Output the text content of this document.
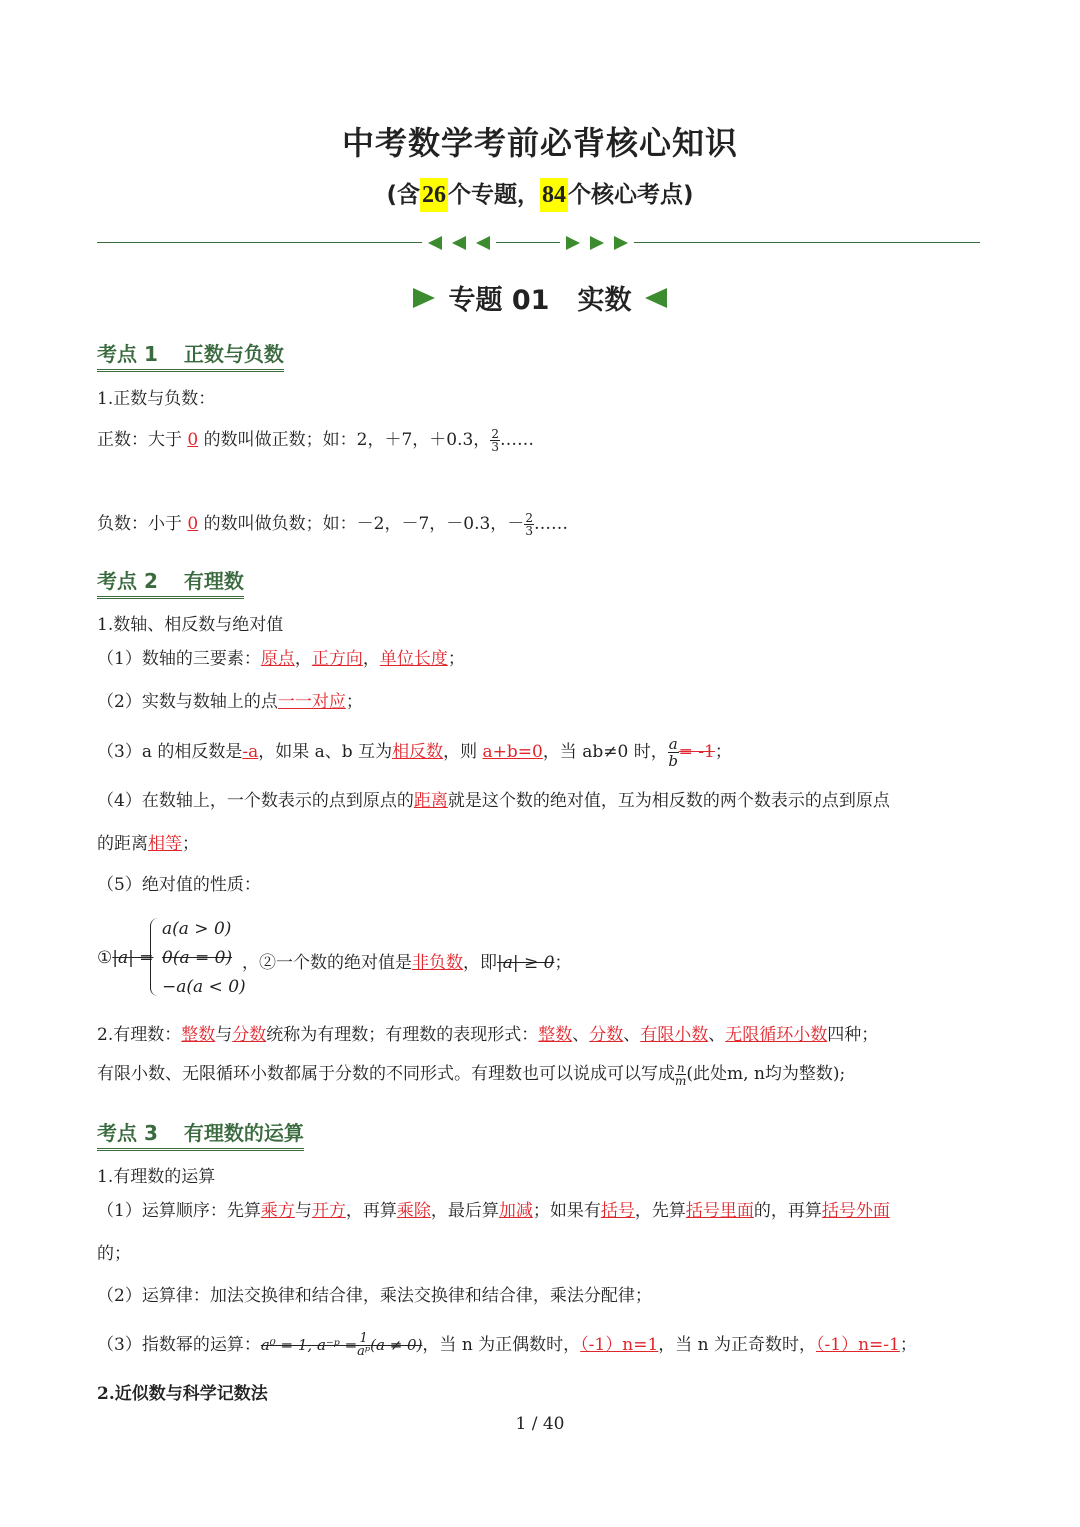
中考数学考前必背核心知识
(含26个专题，84个核心考点)
专题 01 实数
考点 1 正数与负数
1.正数与负数：
正数：大于 0 的数叫做正数；如：2，＋7，＋0.3， $\frac{2}{3}$ ……
负数：小于 0 的数叫做负数；如：－2，－7，－0.3，－ $\frac{2}{3}$ ……
考点 2 有理数
1.数轴、相反数与绝对值
（1）数轴的三要素：原点，正方向，单位长度；
（2）实数与数轴上的点一一对应；
（3）a 的相反数是-a，如果 a、b 互为相反数，则 a+b=0，当 ab≠0 时， $\frac{a}{b} = -1$；
（4）在数轴上，一个数表示的点到原点的距离就是这个数的绝对值，互为相反数的两个数表示的点到原点
的距离相等；
（5）绝对值的性质：
①|a| =
a(a > 0)
0(a = 0)
−a(a < 0)
，②一个数的绝对值是非负数，即|a| ≥ 0；
2.有理数：整数与分数统称为有理数；有理数的表现形式：整数、分数、有限小数、无限循环小数四种；
有限小数、无限循环小数都属于分数的不同形式。有理数也可以说成可以写成 $\frac{n}{m}$ (此处m, n均为整数);
考点 3 有理数的运算
1.有理数的运算
（1）运算顺序：先算乘方与开方，再算乘除，最后算加减；如果有括号，先算括号里面的，再算括号外面
的；
（2）运算律：加法交换律和结合律，乘法交换律和结合律，乘法分配律；
（3）指数幂的运算：a⁰ = 1, a⁻ᵖ = $\frac{1}{\text{aᵖ}} (a \ne 0)$，当 n 为正偶数时，（-1）n=1，当 n 为正奇数时，（-1）n=-1；
2.近似数与科学记数法
1 / 40
